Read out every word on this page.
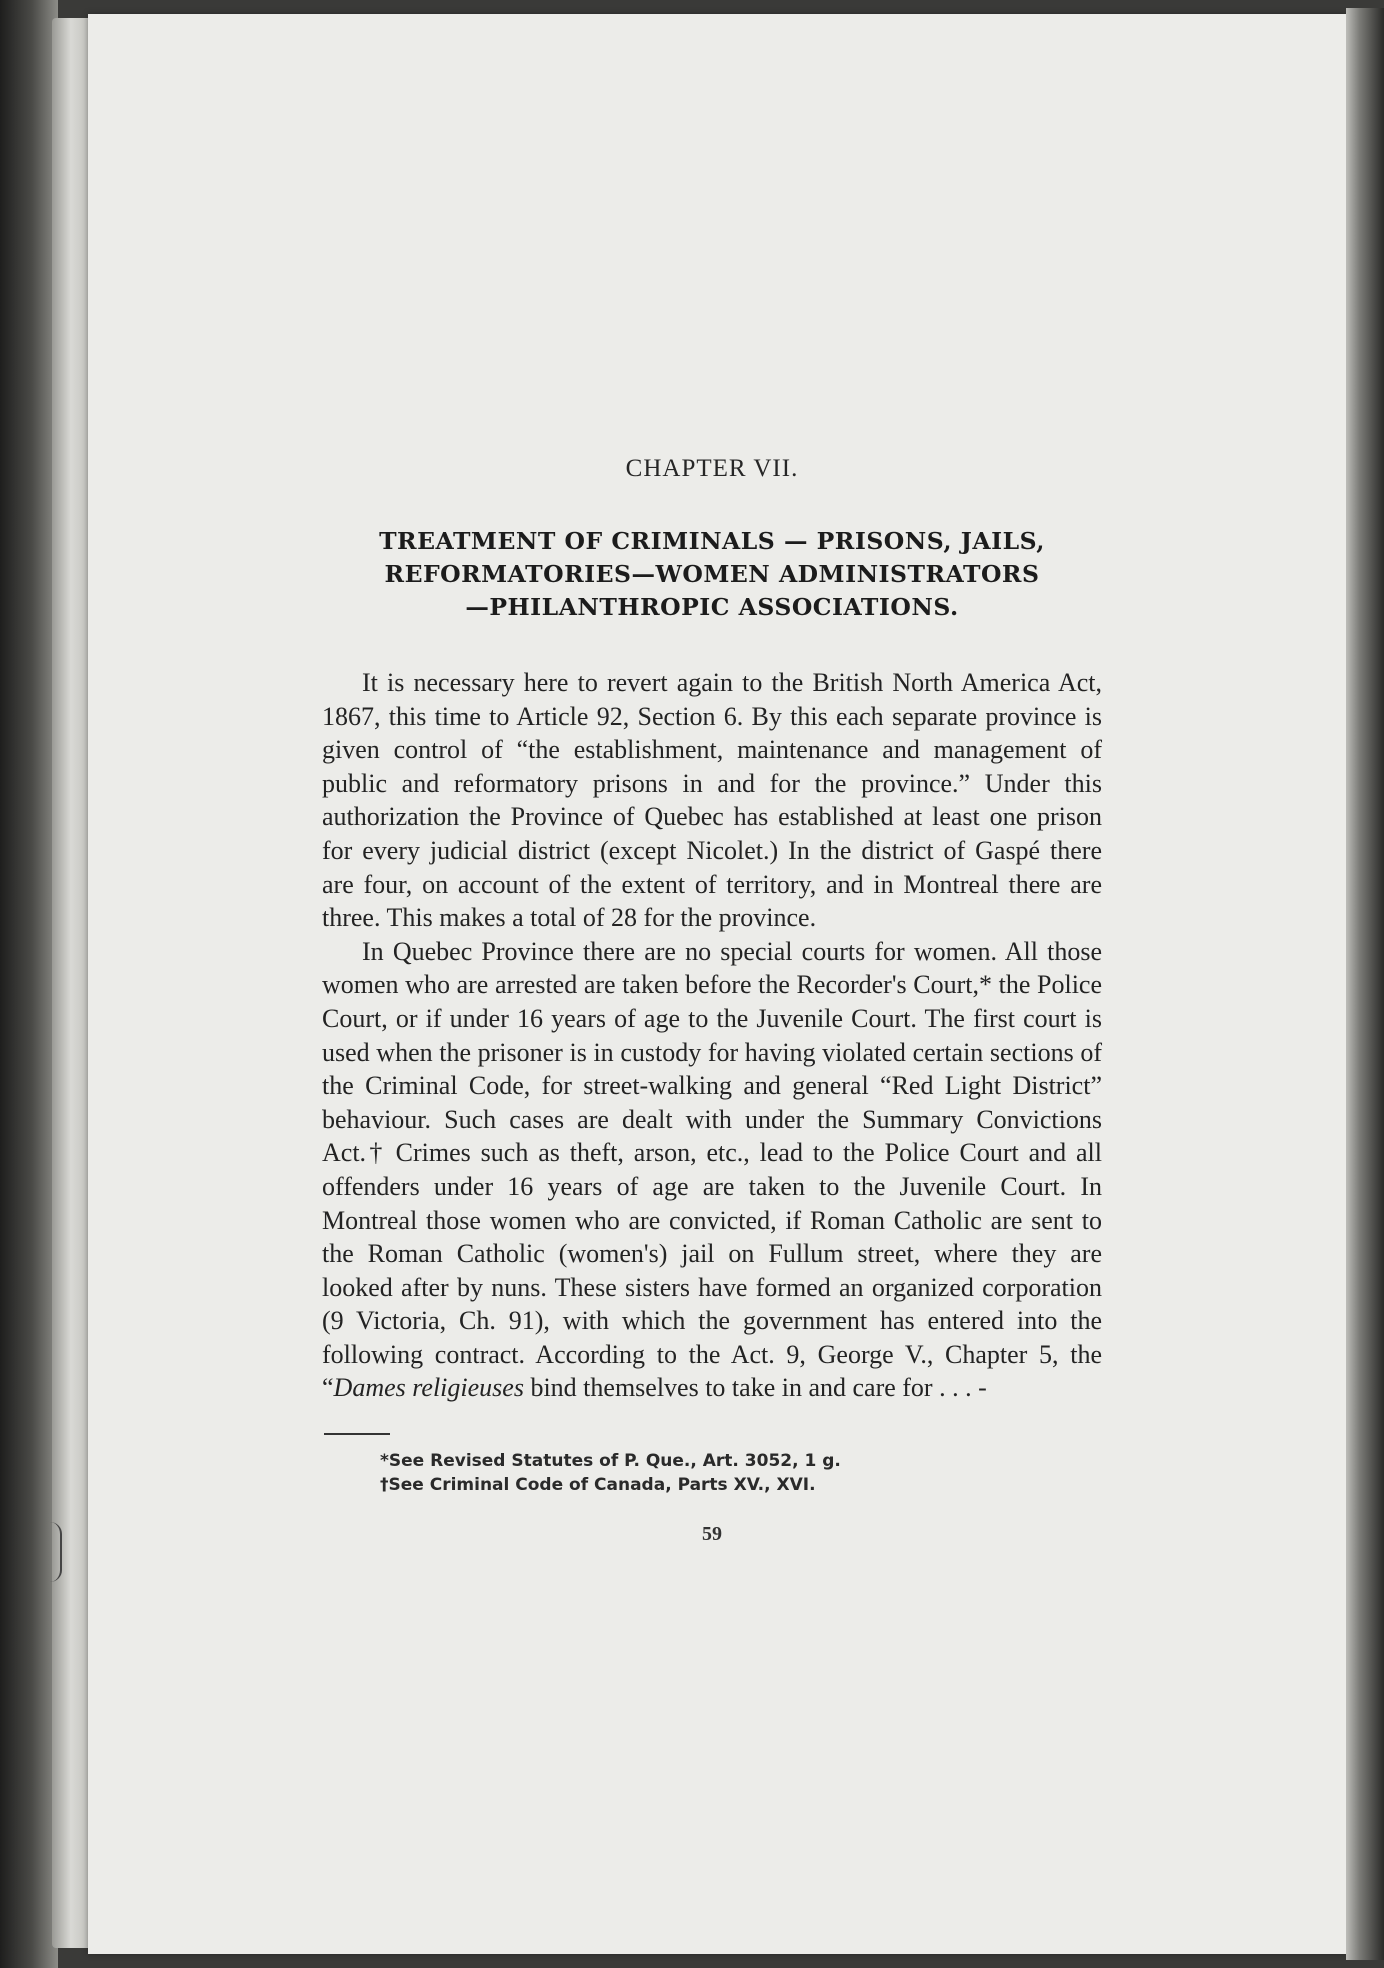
CHAPTER VII.
TREATMENT OF CRIMINALS — PRISONS, JAILS,
REFORMATORIES—WOMEN ADMINISTRATORS
—PHILANTHROPIC ASSOCIATIONS.

It is necessary here to revert again to the British North America Act, 1867, this time to Article 92, Section 6. By this each separate province is given control of “the establishment, maintenance and management of public and reformatory prisons in and for the province.” Under this authorization the Province of Quebec has established at least one prison for every judicial district (except Nicolet.) In the district of Gaspé there are four, on account of the extent of territory, and in Montreal there are three. This makes a total of 28 for the province.

In Quebec Province there are no special courts for women. All those women who are arrested are taken before the Recorder's Court,* the Police Court, or if under 16 years of age to the Juvenile Court. The first court is used when the prisoner is in custody for having violated certain sections of the Criminal Code, for street-walking and general “Red Light District” behaviour. Such cases are dealt with under the Summary Convictions Act.† Crimes such as theft, arson, etc., lead to the Police Court and all offenders under 16 years of age are taken to the Juvenile Court. In Montreal those women who are convicted, if Roman Catholic are sent to the Roman Catholic (women's) jail on Fullum street, where they are looked after by nuns. These sisters have formed an organized corporation (9 Victoria, Ch. 91), with which the government has entered into the following contract. According to the Act. 9, George V., Chapter 5, the “Dames religieuses bind themselves to take in and care for . . . -

*See Revised Statutes of P. Que., Art. 3052, 1 g.
†See Criminal Code of Canada, Parts XV., XVI.
59
